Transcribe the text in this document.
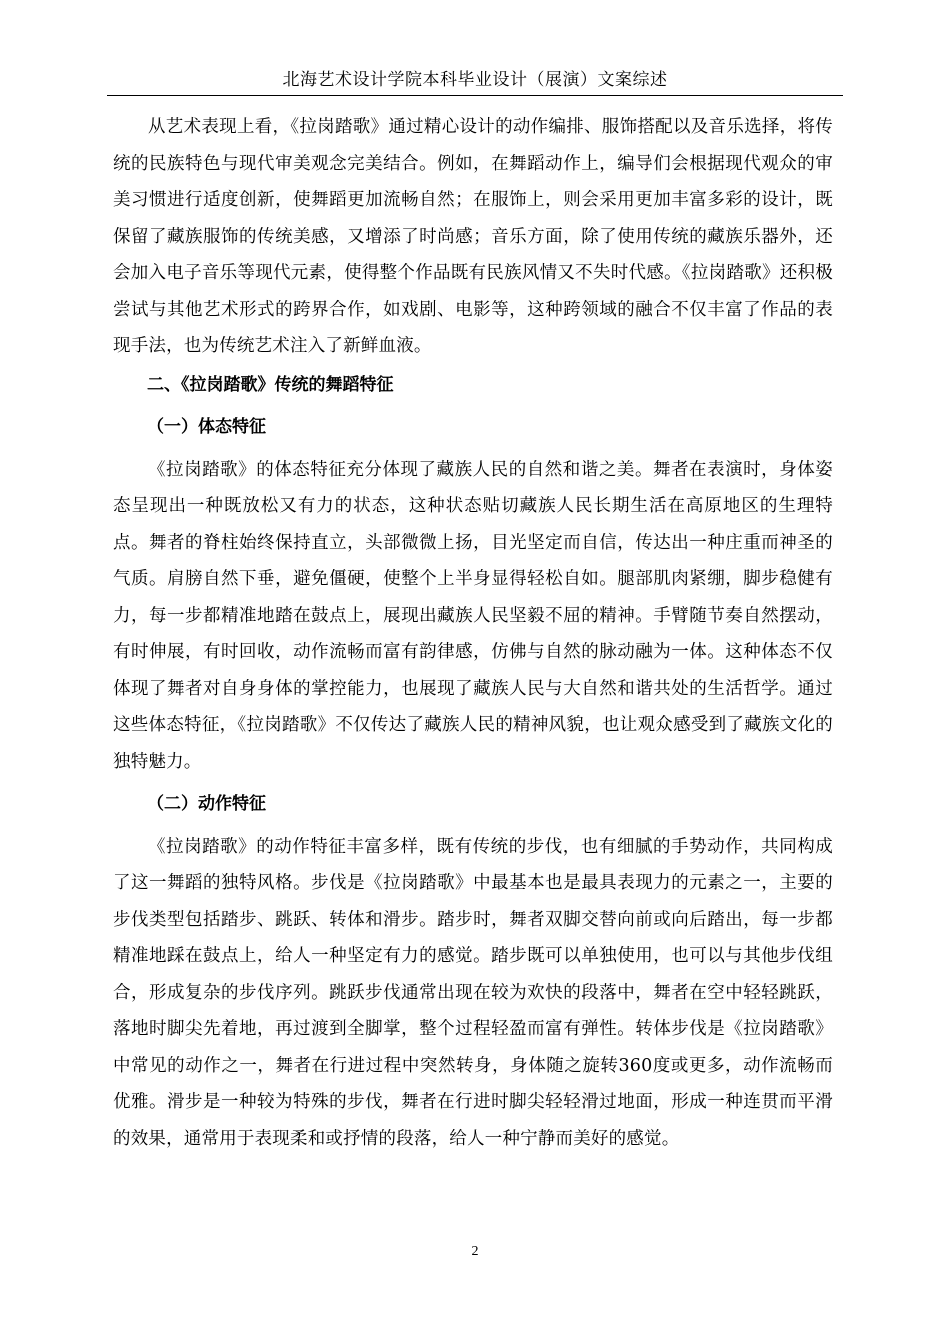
北海艺术设计学院本科毕业设计（展演）文案综述

从艺术表现上看，《拉岗踏歌》通过精心设计的动作编排、服饰搭配以及音乐选择，将传统的民族特色与现代审美观念完美结合。例如，在舞蹈动作上，编导们会根据现代观众的审美习惯进行适度创新，使舞蹈更加流畅自然；在服饰上，则会采用更加丰富多彩的设计，既保留了藏族服饰的传统美感，又增添了时尚感；音乐方面，除了使用传统的藏族乐器外，还会加入电子音乐等现代元素，使得整个作品既有民族风情又不失时代感。《拉岗踏歌》还积极尝试与其他艺术形式的跨界合作，如戏剧、电影等，这种跨领域的融合不仅丰富了作品的表现手法，也为传统艺术注入了新鲜血液。

二、《拉岗踏歌》传统的舞蹈特征

（一）体态特征

《拉岗踏歌》的体态特征充分体现了藏族人民的自然和谐之美。舞者在表演时，身体姿态呈现出一种既放松又有力的状态，这种状态贴切藏族人民长期生活在高原地区的生理特点。舞者的脊柱始终保持直立，头部微微上扬，目光坚定而自信，传达出一种庄重而神圣的气质。肩膀自然下垂，避免僵硬，使整个上半身显得轻松自如。腿部肌肉紧绷，脚步稳健有力，每一步都精准地踏在鼓点上，展现出藏族人民坚毅不屈的精神。手臂随节奏自然摆动，有时伸展，有时回收，动作流畅而富有韵律感，仿佛与自然的脉动融为一体。这种体态不仅体现了舞者对自身身体的掌控能力，也展现了藏族人民与大自然和谐共处的生活哲学。通过这些体态特征，《拉岗踏歌》不仅传达了藏族人民的精神风貌，也让观众感受到了藏族文化的独特魅力。

（二）动作特征

《拉岗踏歌》的动作特征丰富多样，既有传统的步伐，也有细腻的手势动作，共同构成了这一舞蹈的独特风格。步伐是《拉岗踏歌》中最基本也是最具表现力的元素之一，主要的步伐类型包括踏步、跳跃、转体和滑步。踏步时，舞者双脚交替向前或向后踏出，每一步都精准地踩在鼓点上，给人一种坚定有力的感觉。踏步既可以单独使用，也可以与其他步伐组合，形成复杂的步伐序列。跳跃步伐通常出现在较为欢快的段落中，舞者在空中轻轻跳跃，落地时脚尖先着地，再过渡到全脚掌，整个过程轻盈而富有弹性。转体步伐是《拉岗踏歌》中常见的动作之一，舞者在行进过程中突然转身，身体随之旋转360度或更多，动作流畅而优雅。滑步是一种较为特殊的步伐，舞者在行进时脚尖轻轻滑过地面，形成一种连贯而平滑的效果，通常用于表现柔和或抒情的段落，给人一种宁静而美好的感觉。

2
